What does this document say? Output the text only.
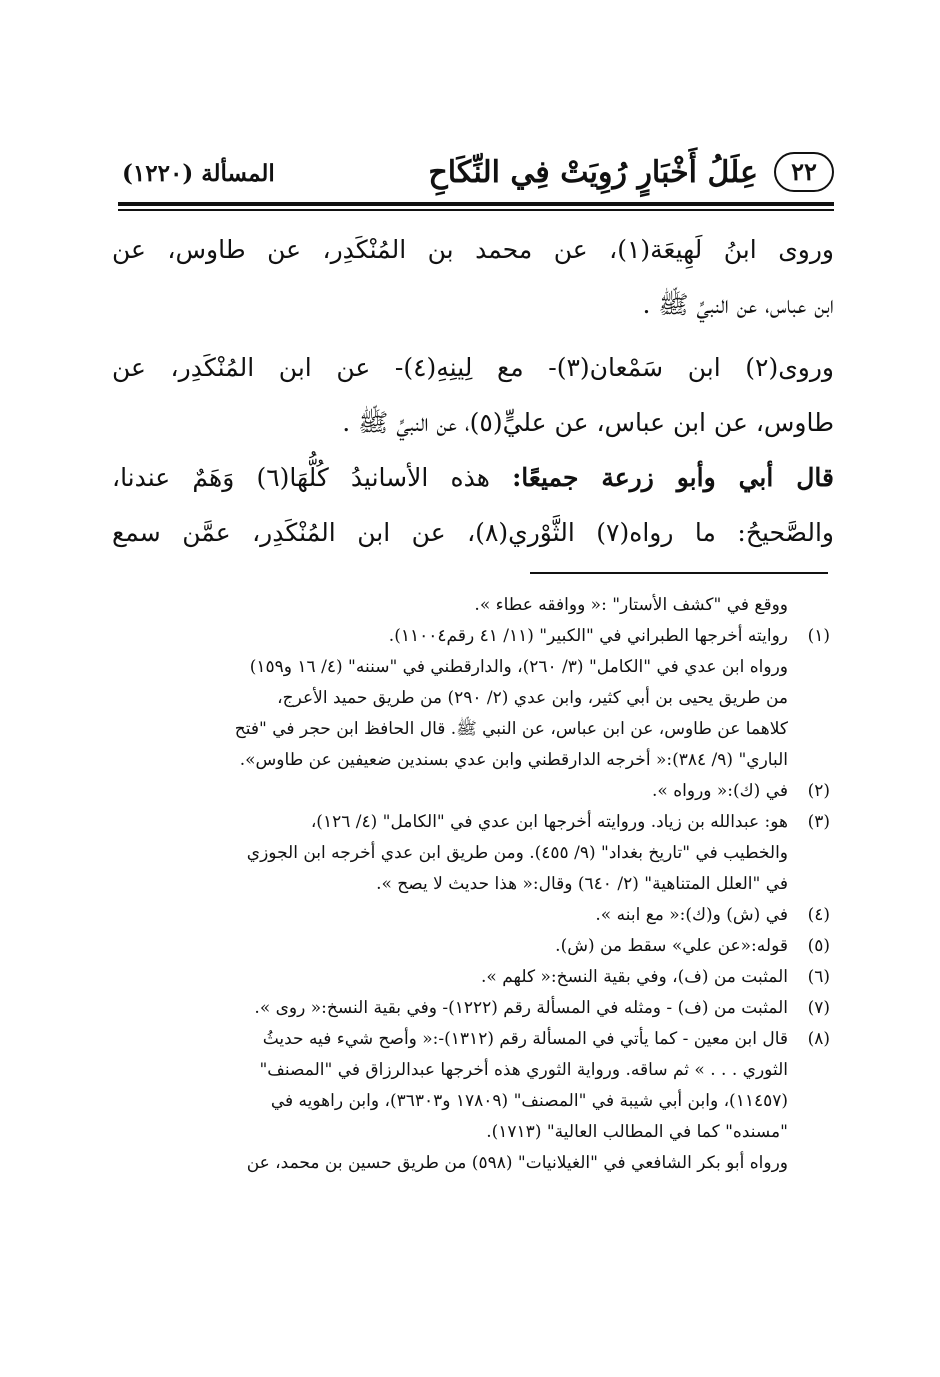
٢٢
عِلَلُ أَخْبَارٍ رُوِيَتْ فِي النِّكَاحِ
المسألة (١٢٢٠)
وروى ابنُ لَهِيعَة(١)، عن محمد بن المُنْكَدِر، عن طاوس، عن
ابن عباس، عن النبيِّ ﷺ .
وروى(٢) ابن سَمْعان(٣)- مع لِينِهِ(٤)- عن ابن المُنْكَدِر، عن
طاوس، عن ابن عباس، عن عليٍّ(٥)، عن النبيِّ ﷺ .
قال أبي وأبو زرعة جميعًا: هذه الأسانيدُ كُلُّهَا(٦) وَهَمٌ عندنا،
والصَّحيحُ: ما رواه(٧) الثَّوْري(٨)، عن ابن المُنْكَدِر، عمَّن سمع
ووقع في "كشف الأستار" :« ووافقه عطاء ».
(١)روايته أخرجها الطبراني في "الكبير" (١١/ ٤١ رقم١١٠٠٤).
ورواه ابن عدي في "الكامل" (٣/ ٢٦٠)، والدارقطني في "سننه" (٤/ ١٦ و١٥٩)
من طريق يحيى بن أبي كثير، وابن عدي (٢/ ٢٩٠) من طريق حميد الأعرج،
كلاهما عن طاوس، عن ابن عباس، عن النبي ﷺ. قال الحافظ ابن حجر في "فتح
الباري" (٩/ ٣٨٤):« أخرجه الدارقطني وابن عدي بسندين ضعيفين عن طاوس».
(٢)في (ك):« ورواه ».
(٣)هو: عبدالله بن زياد. وروايته أخرجها ابن عدي في "الكامل" (٤/ ١٢٦)،
والخطيب في "تاريخ بغداد" (٩/ ٤٥٥). ومن طريق ابن عدي أخرجه ابن الجوزي
في "العلل المتناهية" (٢/ ٦٤٠) وقال:« هذا حديث لا يصح ».
(٤)في (ش) و(ك):« مع ابنه ».
(٥)قوله:«عن علي» سقط من (ش).
(٦)المثبت من (ف)، وفي بقية النسخ:« كلهم ».
(٧)المثبت من (ف) - ومثله في المسألة رقم (١٢٢٢)- وفي بقية النسخ:« روى ».
(٨)قال ابن معين - كما يأتي في المسألة رقم (١٣١٢)-:« وأصح شيء فيه حديثُ
الثوري . . . » ثم ساقه. ورواية الثوري هذه أخرجها عبدالرزاق في "المصنف"
(١١٤٥٧)، وابن أبي شيبة في "المصنف" (١٧٨٠٩ و٣٦٣٠٣)، وابن راهويه في
"مسنده" كما في المطالب العالية" (١٧١٣).
ورواه أبو بكر الشافعي في "الغيلانيات" (٥٩٨) من طريق حسين بن محمد، عن
